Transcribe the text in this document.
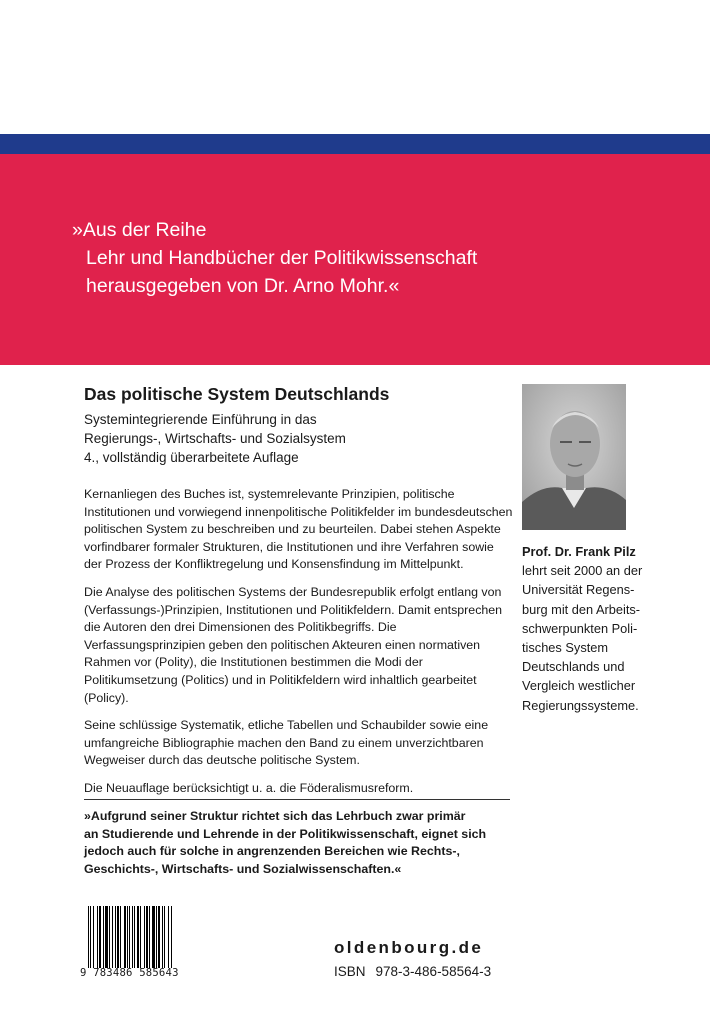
»Aus der Reihe
Lehr und Handbücher der Politikwissenschaft
herausgegeben von Dr. Arno Mohr.«
Das politische System Deutschlands
Systemintegrierende Einführung in das
Regierungs-, Wirtschafts- und Sozialsystem
4., vollständig überarbeitete Auflage

Kernanliegen des Buches ist, systemrelevante Prinzipien, politische Institutionen und vorwiegend innenpolitische Politikfelder im bundesdeutschen politischen System zu beschreiben und zu beurteilen. Dabei stehen Aspekte vorfindbarer formaler Strukturen, die Institutionen und ihre Verfahren sowie der Prozess der Konfliktregelung und Konsensfindung im Mittelpunkt.

Die Analyse des politischen Systems der Bundesrepublik erfolgt entlang von (Verfassungs-)Prinzipien, Institutionen und Politikfeldern. Damit entsprechen die Autoren den drei Dimensionen des Politikbegriffs. Die Verfassungsprinzipien geben den politischen Akteuren einen normativen Rahmen vor (Polity), die Institutionen bestimmen die Modi der Politikumsetzung (Politics) und in Politikfeldern wird inhaltlich gearbeitet (Policy).

Seine schlüssige Systematik, etliche Tabellen und Schaubilder sowie eine umfangreiche Bibliographie machen den Band zu einem unverzichtbaren Wegweiser durch das deutsche politische System.

Die Neuauflage berücksichtigt u. a. die Föderalismusreform.

»Aufgrund seiner Struktur richtet sich das Lehrbuch zwar primär
an Studierende und Lehrende in der Politikwissenschaft, eignet sich
jedoch auch für solche in angrenzenden Bereichen wie Rechts-,
Geschichts-, Wirtschafts- und Sozialwissenschaften.«
Prof. Dr. Frank Pilz
lehrt seit 2000 an der
Universität Regens-
burg mit den Arbeits-
schwerpunkten Poli-
tisches System
Deutschlands und
Vergleich westlicher
Regierungssysteme.
9 783486 585643
oldenbourg.de
ISBN 978-3-486-58564-3
